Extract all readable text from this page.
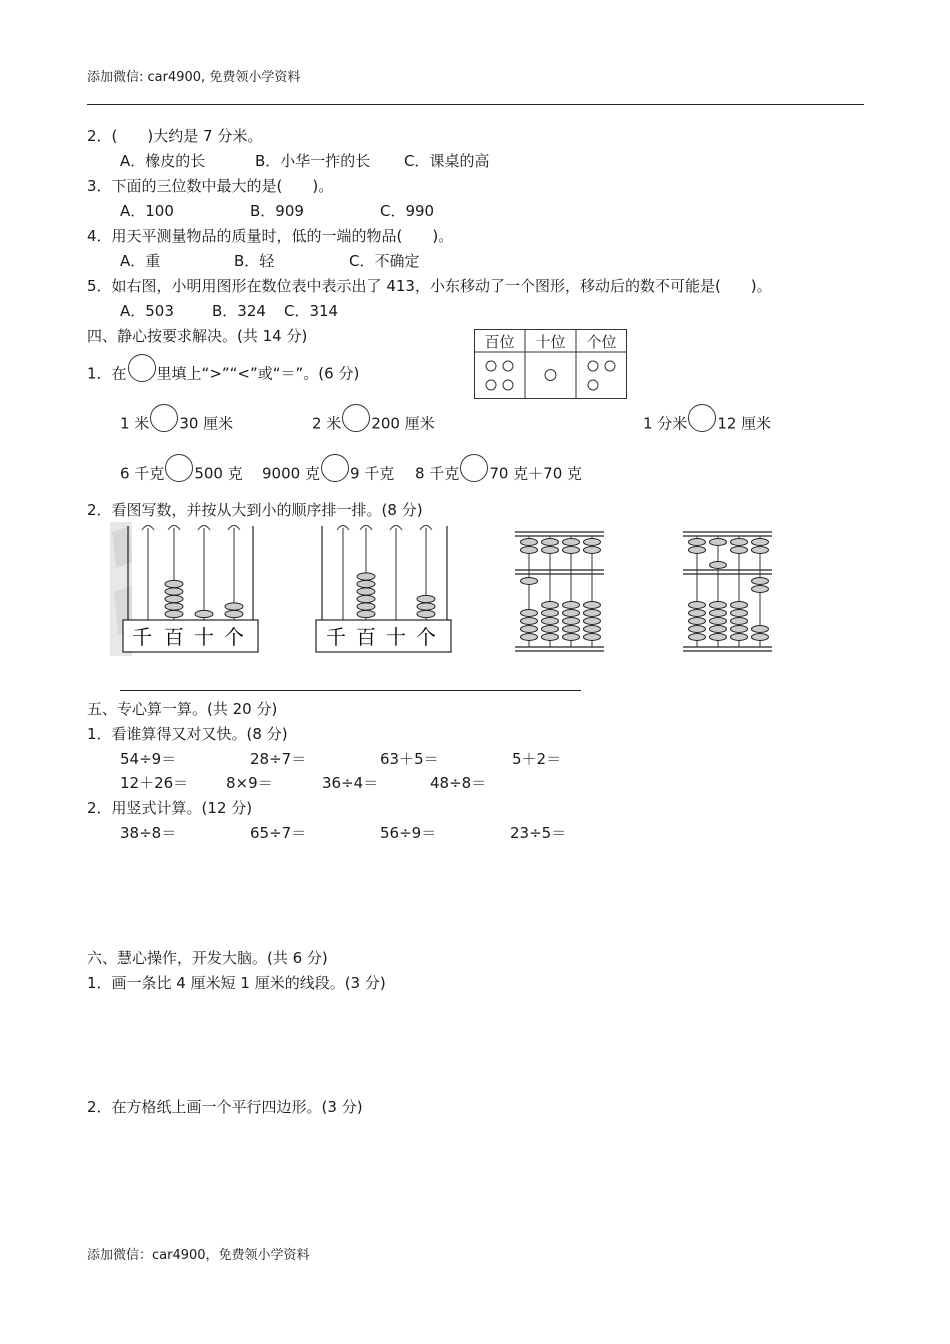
添加微信: car4900, 免费领小学资料
2．(　　)大约是 7 分米。
A．橡皮的长	B．小华一拃的长 C．课桌的高
3．下面的三位数中最大的是(　　)。
A．100	B．909	C．990
4．用天平测量物品的质量时，低的一端的物品(　　)。
A．重	B．轻	C．不确定
5．如右图，小明用图形在数位表中表示出了 413，小东移动了一个图形，移动后的数不可能是(　　)。
A．503	B．324 C．314
四、静心按要求解决。(共 14 分)	百位 十位 个位
1．在 里填上“>”“<”或“＝”。(6 分)
1 米 30 厘米	2 米 200 厘米	1 分米 12 厘米
6 千克 500 克 9000 克 9 千克 8 千克 70 克＋70 克
2．看图写数，并按从大到小的顺序排一排。(8 分)
千 百 十 个	千 百 十 个
五、专心算一算。(共 20 分)
1．看谁算得又对又快。(8 分)
54÷9＝	28÷7＝	63＋5＝	5＋2＝
12＋26＝	8×9＝	36÷4＝	48÷8＝
2．用竖式计算。(12 分)
38÷8＝	65÷7＝	56÷9＝	23÷5＝
六、慧心操作，开发大脑。(共 6 分)
1．画一条比 4 厘米短 1 厘米的线段。(3 分)
2．在方格纸上画一个平行四边形。(3 分)
添加微信：car4900，免费领小学资料
